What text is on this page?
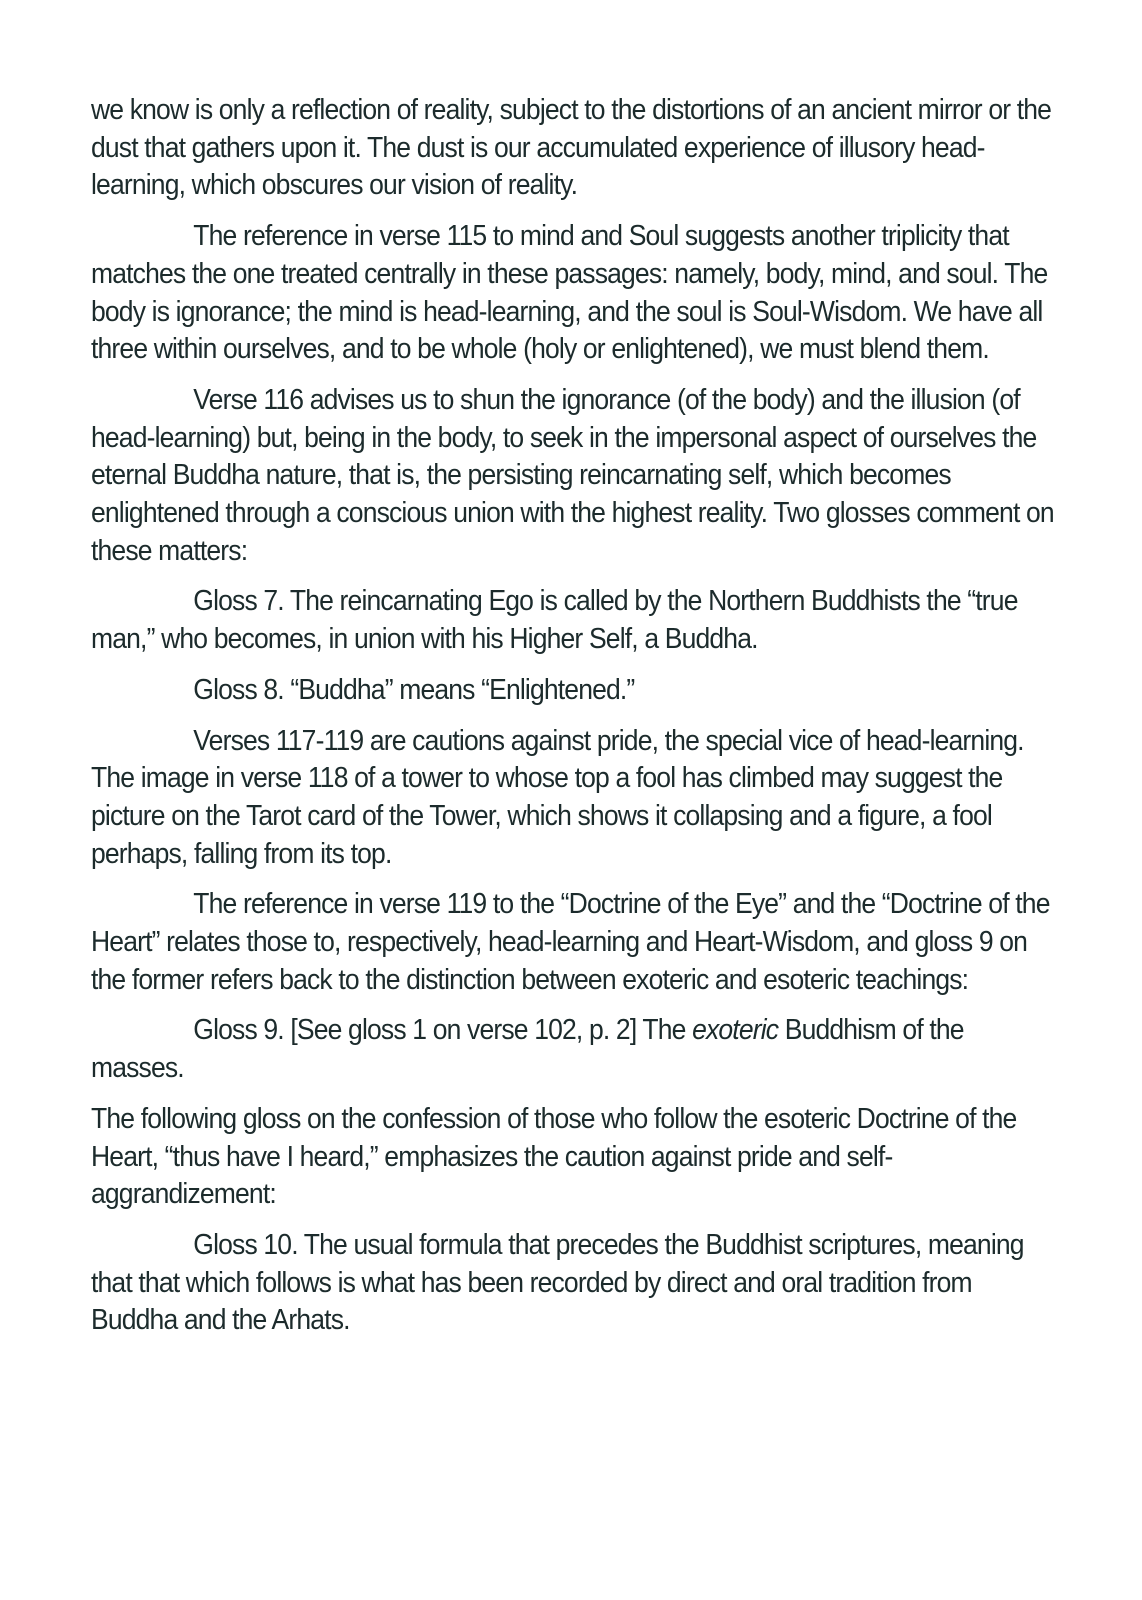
we know is only a reflection of reality, subject to the distortions of an ancient mirror or the dust that gathers upon it. The dust is our accumulated experience of illusory head-learning, which obscures our vision of reality.

The reference in verse 115 to mind and Soul suggests another triplicity that matches the one treated centrally in these passages: namely, body, mind, and soul. The body is ignorance; the mind is head-learning, and the soul is Soul-Wisdom. We have all three within ourselves, and to be whole (holy or enlightened), we must blend them.

Verse 116 advises us to shun the ignorance (of the body) and the illusion (of head-learning) but, being in the body, to seek in the impersonal aspect of ourselves the eternal Buddha nature, that is, the persisting reincarnating self, which becomes enlightened through a conscious union with the highest reality. Two glosses comment on these matters:

Gloss 7. The reincarnating Ego is called by the Northern Buddhists the “true man,” who becomes, in union with his Higher Self, a Buddha.

Gloss 8. “Buddha” means “Enlightened.”

Verses 117-119 are cautions against pride, the special vice of head-learning. The image in verse 118 of a tower to whose top a fool has climbed may suggest the picture on the Tarot card of the Tower, which shows it collapsing and a figure, a fool perhaps, falling from its top.

The reference in verse 119 to the “Doctrine of the Eye” and the “Doctrine of the Heart” relates those to, respectively, head-learning and Heart-Wisdom, and gloss 9 on the former refers back to the distinction between exoteric and esoteric teachings:

Gloss 9. [See gloss 1 on verse 102, p. 2] The exoteric Buddhism of the masses.

The following gloss on the confession of those who follow the esoteric Doctrine of the Heart, “thus have I heard,” emphasizes the caution against pride and self-aggrandizement:

Gloss 10. The usual formula that precedes the Buddhist scriptures, meaning that that which follows is what has been recorded by direct and oral tradition from Buddha and the Arhats.
